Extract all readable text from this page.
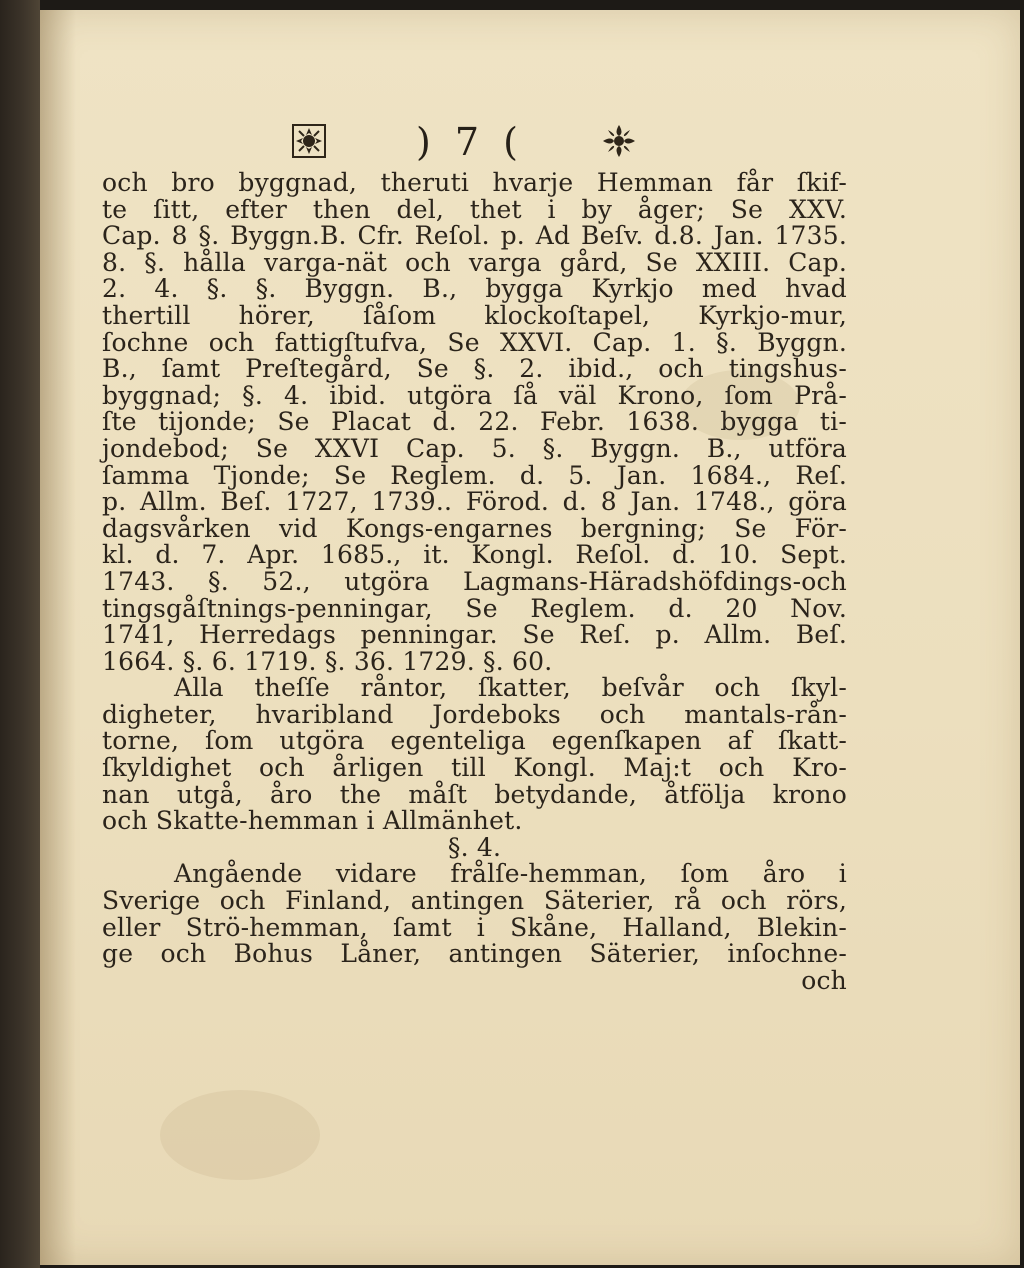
) 7 (
och bro byggnad, theruti hvarje Hemman får ſkif-
te ſitt, efter then del, thet i by åger; Se XXV.
Cap. 8 §. Byggn.B. Cfr. Reſol. p. Ad Beſv. d.8. Jan. 1735.
8. §. hålla varga-nät och varga gård, Se XXIII. Cap.
2. 4. §. §. Byggn. B., bygga Kyrkjo med hvad
thertill hörer, ſåſom klockoſtapel, Kyrkjo-mur,
ſochne och fattigſtufva, Se XXVI. Cap. 1. §. Byggn.
B., ſamt Preſtegård, Se §. 2. ibid., och tingshus-
byggnad; §. 4. ibid. utgöra ſå väl Krono, ſom Prå-
ſte tijonde; Se Placat d. 22. Febr. 1638. bygga ti-
jondebod; Se XXVI Cap. 5. §. Byggn. B., utföra
ſamma Tjonde; Se Reglem. d. 5. Jan. 1684., Reſ.
p. Allm. Beſ. 1727, 1739.. Förod. d. 8 Jan. 1748., göra
dagsvårken vid Kongs-engarnes bergning; Se För-
kl. d. 7. Apr. 1685., it. Kongl. Reſol. d. 10. Sept.
1743. §. 52., utgöra Lagmans-Häradshöfdings-och
tingsgåſtnings-penningar, Se Reglem. d. 20 Nov.
1741, Herredags penningar. Se Reſ. p. Allm. Beſ.
1664. §. 6. 1719. §. 36. 1729. §. 60.
Alla theſſe råntor, ſkatter, beſvår och ſkyl-
digheter, hvaribland Jordeboks och mantals-rån-
torne, ſom utgöra egenteliga egenſkapen af ſkatt-
ſkyldighet och årligen till Kongl. Maj:t och Kro-
nan utgå, åro the måſt betydande, åtfölja krono
och Skatte-hemman i Allmänhet.
§. 4.
Angående vidare frålſe-hemman, ſom åro i
Sverige och Finland, antingen Säterier, rå och rörs,
eller Strö-hemman, ſamt i Skåne, Halland, Blekin-
ge och Bohus Låner, antingen Säterier, inſochne-
och
